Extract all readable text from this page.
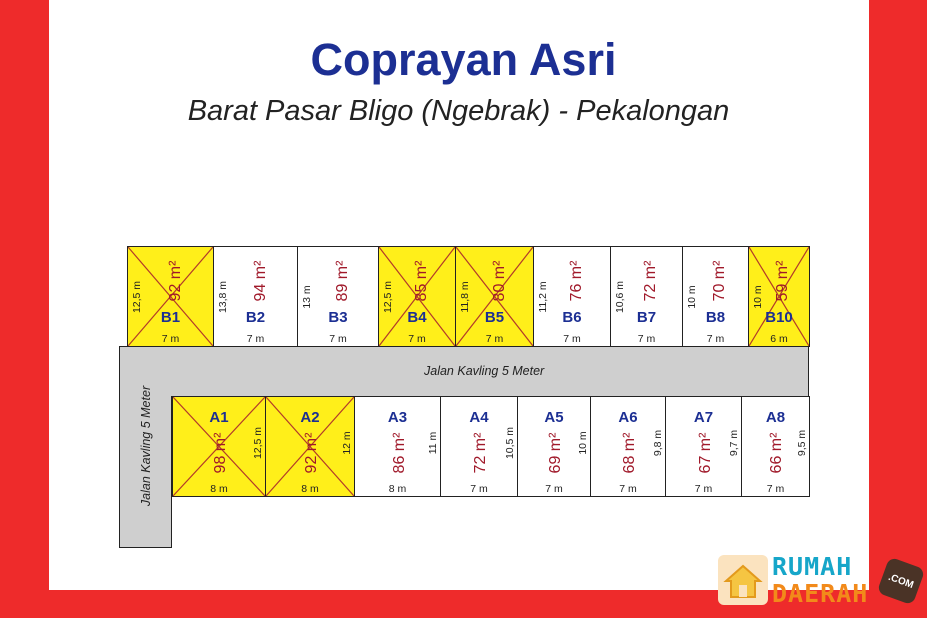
Coprayan Asri
Barat Pasar Bligo (Ngebrak) - Pekalongan
Jalan Kavling 5 Meter
Jalan Kavling 5 Meter
B1
92 m²
12,5 m
7 m
B2
94 m²
13,8 m
7 m
B3
89 m²
13 m
7 m
B4
85 m²
12,5 m
7 m
B5
80 m²
11,8 m
7 m
B6
76 m²
11,2 m
7 m
B7
72 m²
10,6 m
7 m
B8
70 m²
10 m
7 m
B10
59 m²
10 m
6 m
A1
98 m² 12,5 m
8 m
A2
92 m² 12 m
8 m
A3
86 m² 11 m
8 m
A4
72 m² 10,5 m
7 m
A5
69 m² 10 m
7 m
A6
68 m² 9,8 m
7 m
A7
67 m² 9,7 m
7 m
A8
66 m² 9,5 m
7 m
RUMAH
DAERAH	.COM
